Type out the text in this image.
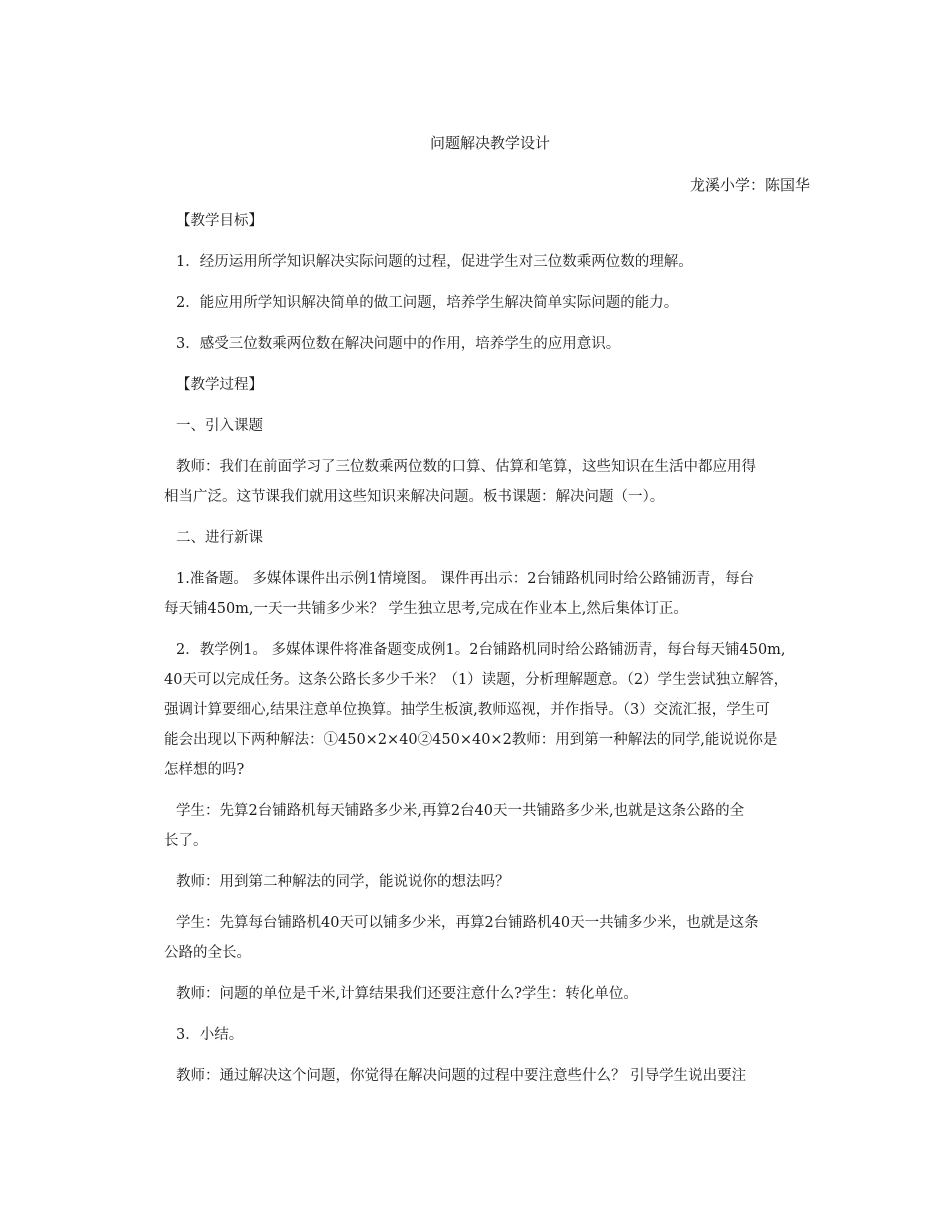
问题解决教学设计
龙溪小学：陈国华
【教学目标】
1．经历运用所学知识解决实际问题的过程，促进学生对三位数乘两位数的理解。
2．能应用所学知识解决简单的做工问题，培养学生解决简单实际问题的能力。
3．感受三位数乘两位数在解决问题中的作用，培养学生的应用意识。
【教学过程】
一、引入课题
教师：我们在前面学习了三位数乘两位数的口算、估算和笔算，这些知识在生活中都应用得
相当广泛。这节课我们就用这些知识来解决问题。板书课题：解决问题（一）。
二、进行新课
1.准备题。 多媒体课件出示例1情境图。 课件再出示：2台铺路机同时给公路铺沥青，每台
每天铺450m,一天一共铺多少米？ 学生独立思考,完成在作业本上,然后集体订正。
2．教学例1。 多媒体课件将准备题变成例1。2台铺路机同时给公路铺沥青，每台每天铺450m,
40天可以完成任务。这条公路长多少千米？（1）读题，分析理解题意。（2）学生尝试独立解答，
强调计算要细心,结果注意单位换算。抽学生板演,教师巡视，并作指导。（3）交流汇报，学生可
能会出现以下两种解法：①450×2×40②450×40×2教师：用到第一种解法的同学,能说说你是
怎样想的吗?
学生：先算2台铺路机每天铺路多少米,再算2台40天一共铺路多少米,也就是这条公路的全
长了。
教师：用到第二种解法的同学，能说说你的想法吗？
学生：先算每台铺路机40天可以铺多少米，再算2台铺路机40天一共铺多少米，也就是这条
公路的全长。
教师：问题的单位是千米,计算结果我们还要注意什么?学生：转化单位。
3．小结。
教师：通过解决这个问题，你觉得在解决问题的过程中要注意些什么？ 引导学生说出要注
